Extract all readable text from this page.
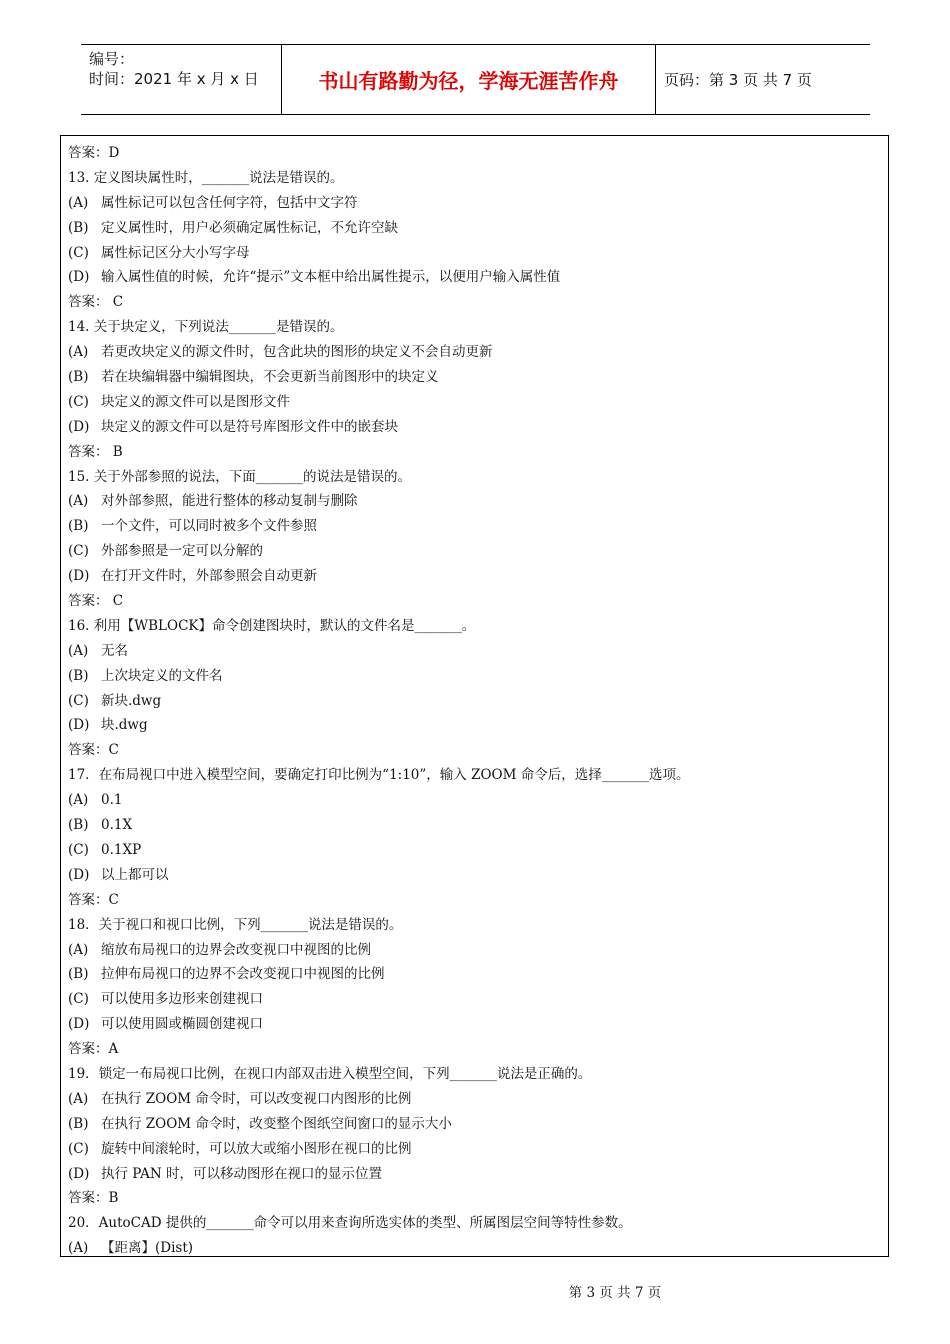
编号：
时间：2021 年 x 月 x 日	书山有路勤为径，学海无涯苦作舟	页码：第 3 页 共 7 页
答案：D
13. 定义图块属性时，_______说法是错误的。
(A) 属性标记可以包含任何字符，包括中文字符
(B) 定义属性时，用户必须确定属性标记，不允许空缺
(C) 属性标记区分大小写字母
(D) 输入属性值的时候，允许“提示”文本框中给出属性提示，以便用户输入属性值
答案： C
14. 关于块定义，下列说法_______是错误的。
(A) 若更改块定义的源文件时，包含此块的图形的块定义不会自动更新
(B) 若在块编辑器中编辑图块，不会更新当前图形中的块定义
(C) 块定义的源文件可以是图形文件
(D) 块定义的源文件可以是符号库图形文件中的嵌套块
答案： B
15. 关于外部参照的说法，下面_______的说法是错误的。
(A) 对外部参照，能进行整体的移动复制与删除
(B) 一个文件，可以同时被多个文件参照
(C) 外部参照是一定可以分解的
(D) 在打开文件时，外部参照会自动更新
答案： C
16. 利用【WBLOCK】命令创建图块时，默认的文件名是_______。
(A) 无名
(B) 上次块定义的文件名
(C) 新块.dwg
(D) 块.dwg
答案：C
17．在布局视口中进入模型空间，要确定打印比例为“1:10”，输入 ZOOM 命令后，选择_______选项。
(A) 0.1
(B) 0.1X
(C) 0.1XP
(D) 以上都可以
答案：C
18．关于视口和视口比例，下列_______说法是错误的。
(A) 缩放布局视口的边界会改变视口中视图的比例
(B) 拉伸布局视口的边界不会改变视口中视图的比例
(C) 可以使用多边形来创建视口
(D) 可以使用圆或椭圆创建视口
答案：A
19．锁定一布局视口比例，在视口内部双击进入模型空间，下列_______说法是正确的。
(A) 在执行 ZOOM 命令时，可以改变视口内图形的比例
(B) 在执行 ZOOM 命令时，改变整个图纸空间窗口的显示大小
(C) 旋转中间滚轮时，可以放大或缩小图形在视口的比例
(D) 执行 PAN 时，可以移动图形在视口的显示位置
答案：B
20．AutoCAD 提供的_______命令可以用来查询所选实体的类型、所属图层空间等特性参数。
(A) 【距离】(Dist)
第 3 页 共 7 页
